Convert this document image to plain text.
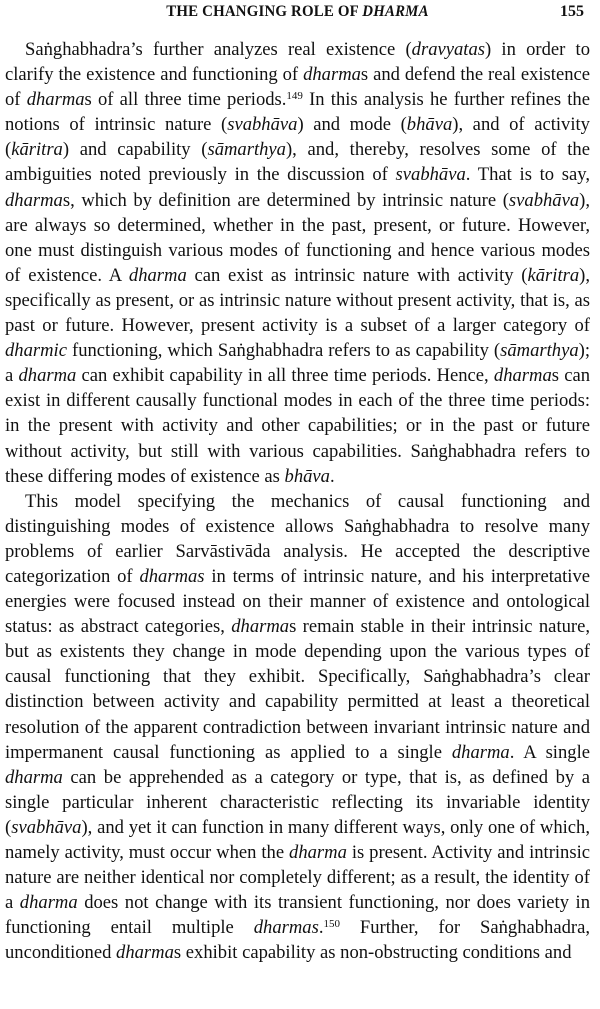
THE CHANGING ROLE OF DHARMA	155

Saṅghabhadra’s further analyzes real existence (dravyatas) in order to clarify the existence and functioning of dharmas and defend the real existence of dharmas of all three time periods.$^{149}$ In this analysis he further refines the notions of intrinsic nature (svabhāva) and mode (bhāva), and of activity (kāritra) and capability (sāmarthya), and, thereby, resolves some of the ambiguities noted previously in the discussion of svabhāva. That is to say, dharmas, which by definition are determined by intrinsic nature (svabhāva), are always so determined, whether in the past, present, or future. However, one must distinguish various modes of functioning and hence various modes of existence. A dharma can exist as intrinsic nature with activity (kāritra), specifically as present, or as intrinsic nature without present activity, that is, as past or future. However, present activity is a subset of a larger category of dharmic functioning, which Saṅghabhadra refers to as capability (sāmarthya); a dharma can exhibit capability in all three time periods. Hence, dharmas can exist in different causally functional modes in each of the three time periods: in the present with activity and other capabilities; or in the past or future without activity, but still with various capabilities. Saṅghabhadra refers to these differing modes of existence as bhāva.

This model specifying the mechanics of causal functioning and distinguishing modes of existence allows Saṅghabhadra to resolve many problems of earlier Sarvāstivāda analysis. He accepted the descriptive categorization of dharmas in terms of intrinsic nature, and his interpretative energies were focused instead on their manner of existence and ontological status: as abstract categories, dharmas remain stable in their intrinsic nature, but as existents they change in mode depending upon the various types of causal functioning that they exhibit. Specifically, Saṅghabhadra’s clear distinction between activity and capability permitted at least a theoretical resolution of the apparent contradiction between invariant intrinsic nature and impermanent causal functioning as applied to a single dharma. A single dharma can be apprehended as a category or type, that is, as defined by a single particular inherent characteristic reflecting its invariable identity (svabhāva), and yet it can function in many different ways, only one of which, namely activity, must occur when the dharma is present. Activity and intrinsic nature are neither identical nor completely different; as a result, the identity of a dharma does not change with its transient functioning, nor does variety in functioning entail multiple dharmas.$^{150}$ Further, for Saṅghabhadra, unconditioned dharmas exhibit capability as non-obstructing conditions and
